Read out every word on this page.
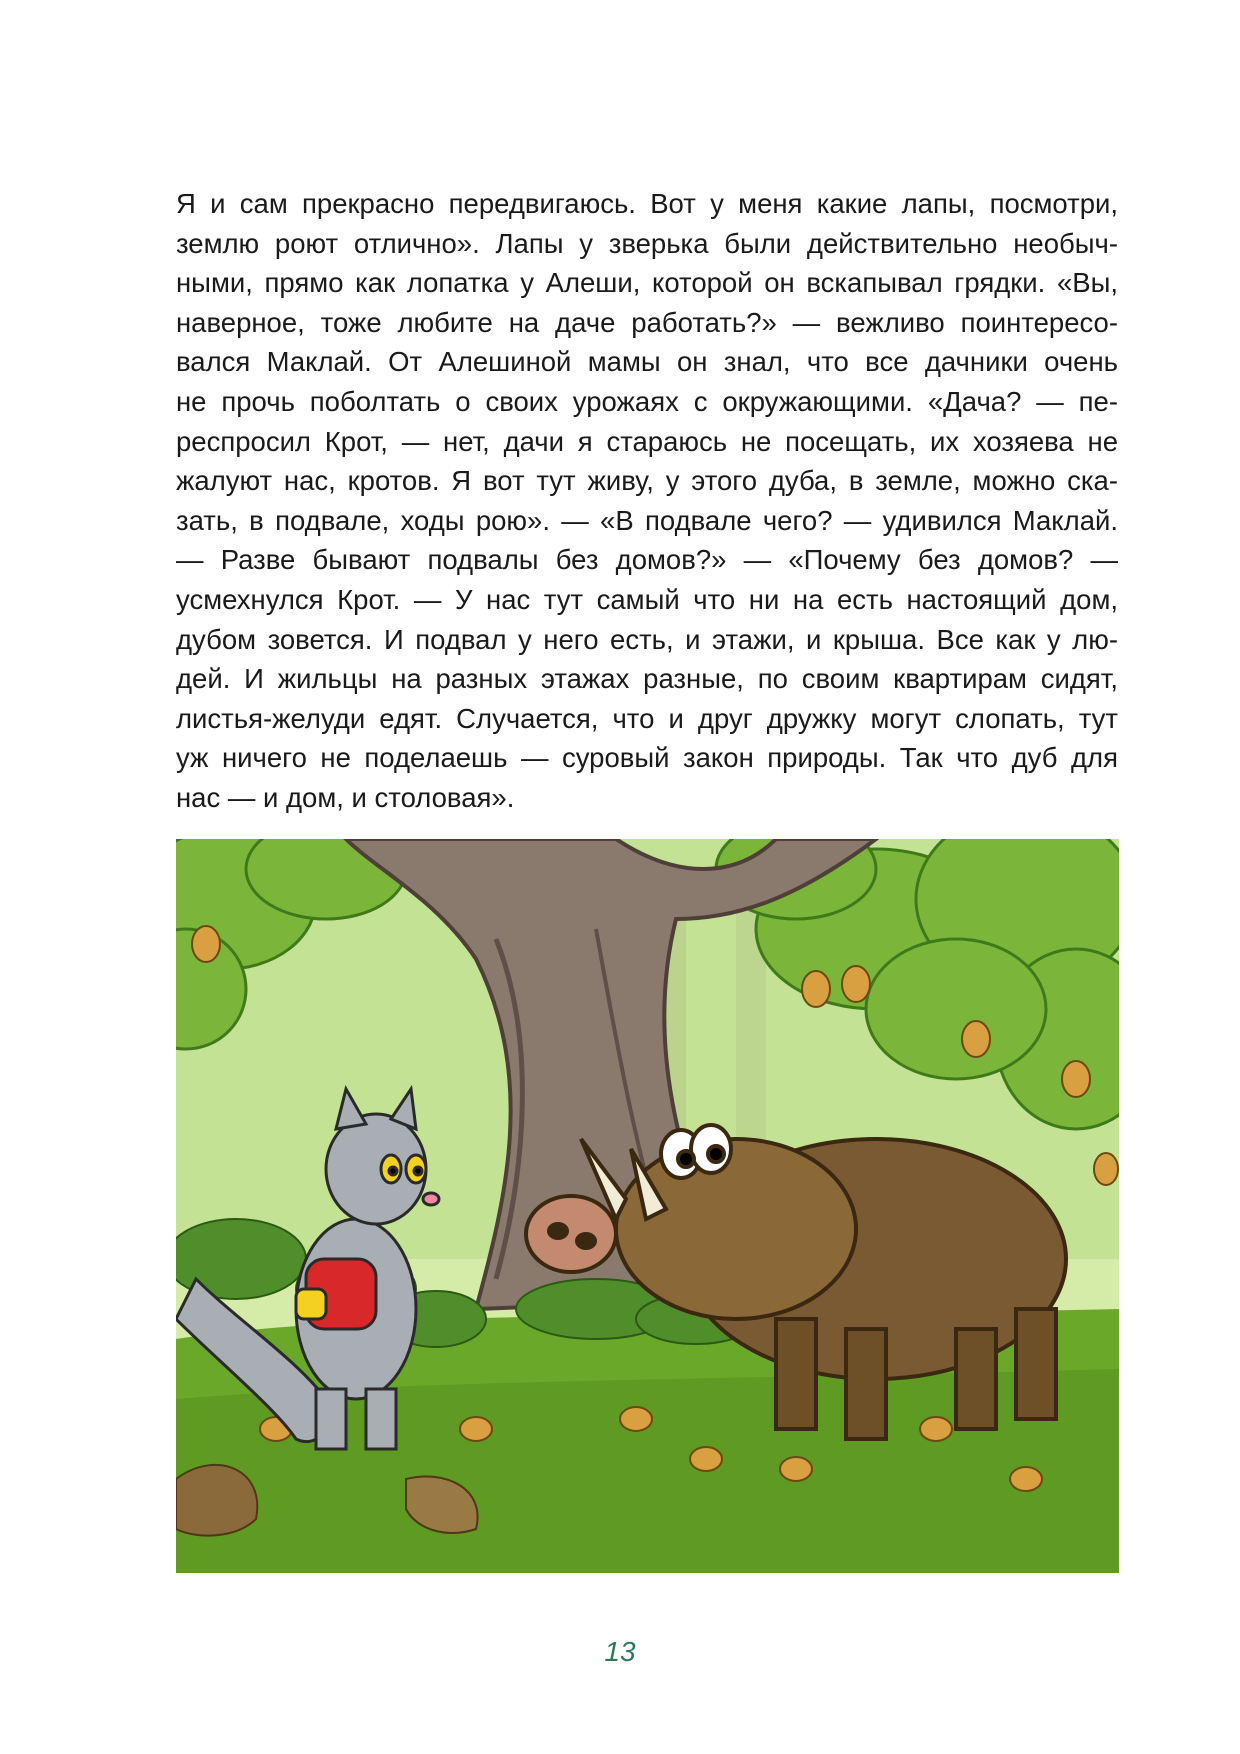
Я и сам прекрасно передвигаюсь. Вот у меня какие лапы, посмотри,
землю роют отлично». Лапы у зверька были действительно необыч-
ными, прямо как лопатка у Алеши, которой он вскапывал грядки. «Вы,
наверное, тоже любите на даче работать?» — вежливо поинтересо-
вался Маклай. От Алешиной мамы он знал, что все дачники очень
не прочь поболтать о своих урожаях с окружающими. «Дача? — пе-
респросил Крот, — нет, дачи я стараюсь не посещать, их хозяева не
жалуют нас, кротов. Я вот тут живу, у этого дуба, в земле, можно ска-
зать, в подвале, ходы рою». — «В подвале чего? — удивился Маклай.
— Разве бывают подвалы без домов?» — «Почему без домов? —
усмехнулся Крот. — У нас тут самый что ни на есть настоящий дом,
дубом зовется. И подвал у него есть, и этажи, и крыша. Все как у лю-
дей. И жильцы на разных этажах разные, по своим квартирам сидят,
листья-желуди едят. Случается, что и друг дружку могут слопать, тут
уж ничего не поделаешь — суровый закон природы. Так что дуб для
нас — и дом, и столовая».
13
